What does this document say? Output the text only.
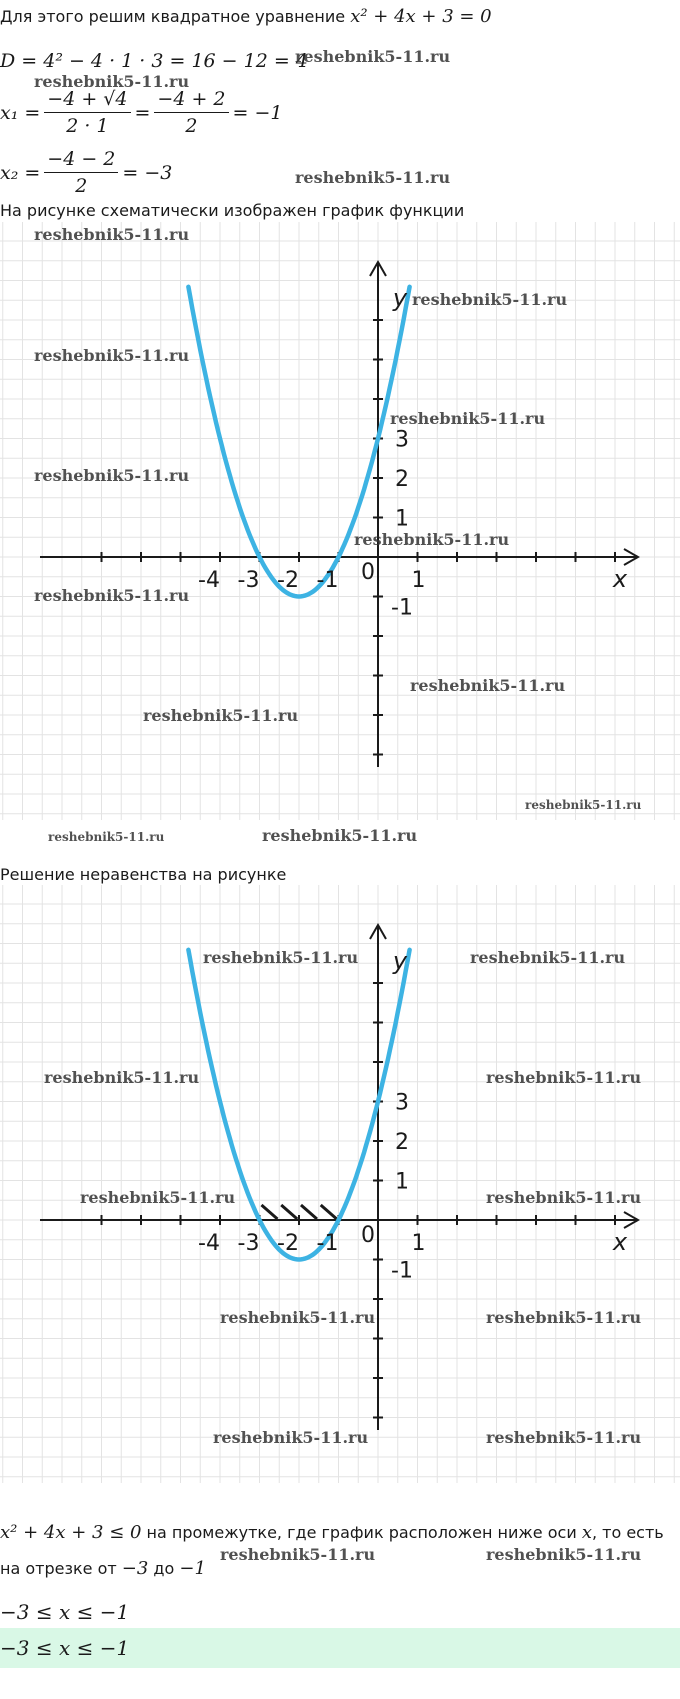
Для этого решим квадратное уравнение x² + 4x + 3 = 0
D = 4² − 4 · 1 · 3 = 16 − 12 = 4
$x_1 = \frac{-4 + √4}{2 \cdot 1} = \frac{-4 + 2}{2} = -1$
$x_2 = \frac{-4 - 2}{2} = -3$
На рисунке схематически изображен график функции
-4 -3 -2 -1 0 1
3
2
1
-1
x
y
Решение неравенства на рисунке
-4 -3 -2 -1 0 1
3
2
1
-1
x
y
x² + 4x + 3 ≤ 0 на промежутке, где график расположен ниже оси x, то есть
на отрезке от −3 до −1
−3 ≤ x ≤ −1
−3 ≤ x ≤ −1
reshebnik5-11.ru
reshebnik5-11.ru
reshebnik5-11.ru
reshebnik5-11.ru
reshebnik5-11.ru
reshebnik5-11.ru
reshebnik5-11.ru
reshebnik5-11.ru
reshebnik5-11.ru
reshebnik5-11.ru
reshebnik5-11.ru
reshebnik5-11.ru
reshebnik5-11.ru
reshebnik5-11.ru	reshebnik5-11.ru
reshebnik5-11.ru	reshebnik5-11.ru
reshebnik5-11.ru	reshebnik5-11.ru
reshebnik5-11.ru	reshebnik5-11.ru
reshebnik5-11.ru	reshebnik5-11.ru
reshebnik5-11.ru	reshebnik5-11.ru
reshebnik5-11.ru	reshebnik5-11.ru
